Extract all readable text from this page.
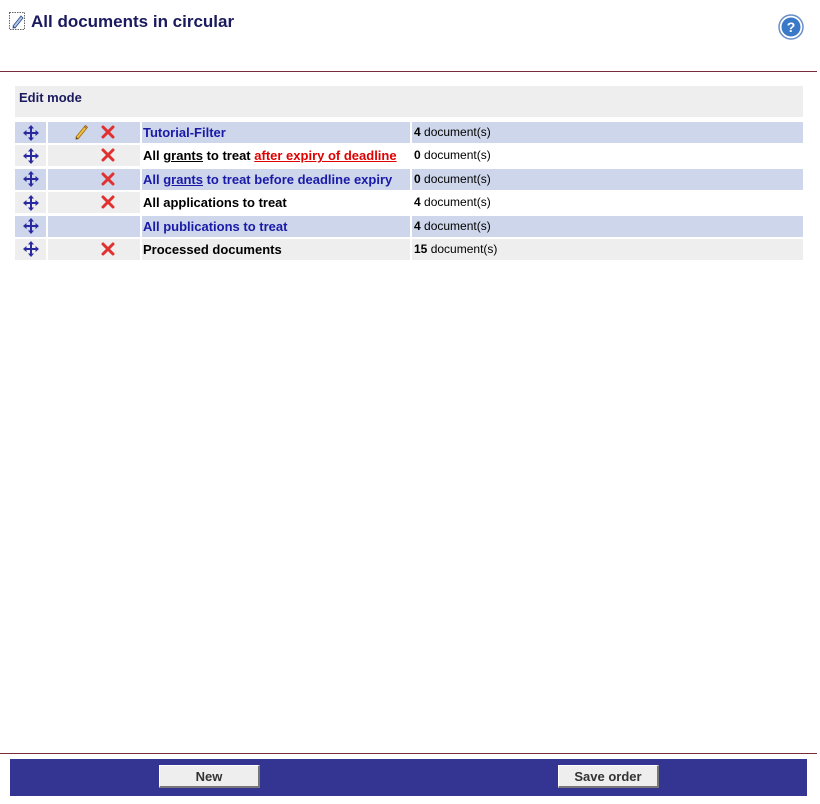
All documents in circular	?
Edit mode
Tutorial-Filter	4 document(s)
All grants to treat after expiry of deadline	0 document(s)
All grants to treat before deadline expiry	0 document(s)
All applications to treat	4 document(s)
All publications to treat	4 document(s)
Processed documents	15 document(s)
New	Save order
